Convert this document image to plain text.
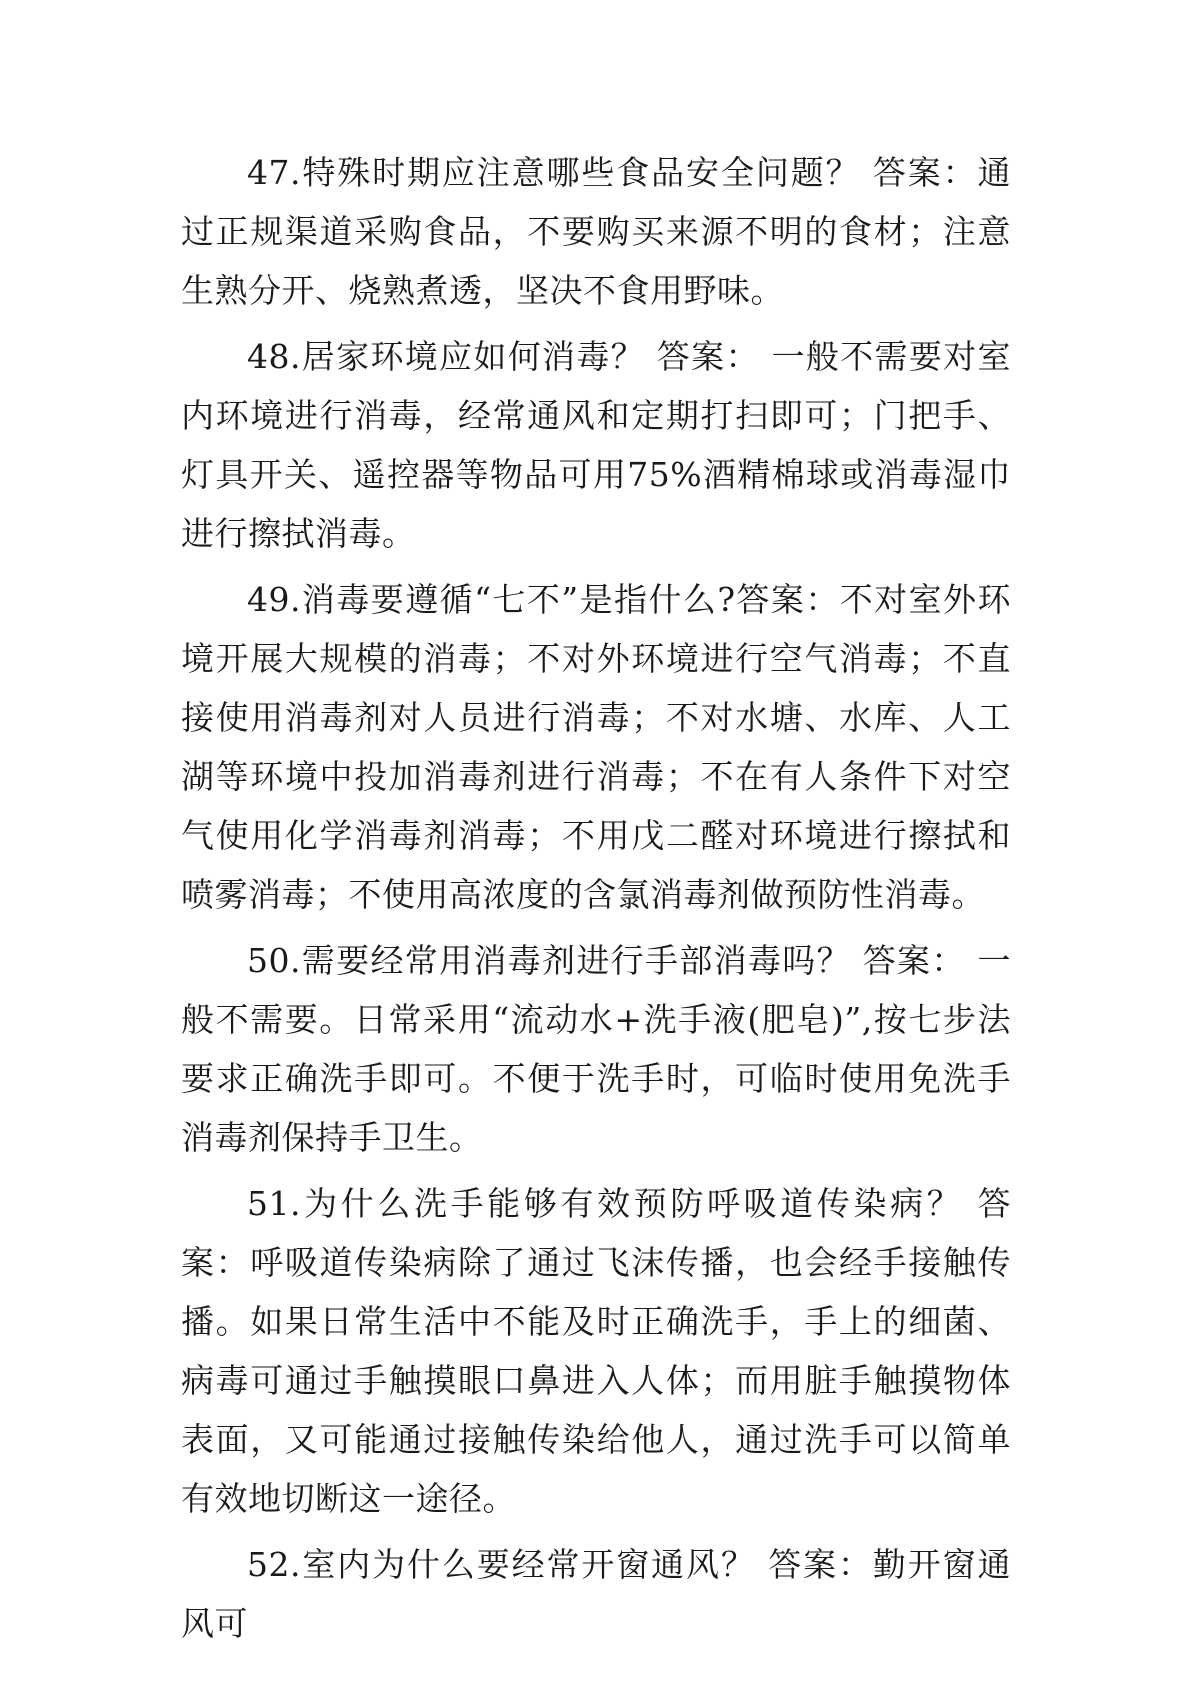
47.特殊时期应注意哪些食品安全问题？ 答案：通过正规渠道采购食品，不要购买来源不明的食材；注意生熟分开、烧熟煮透，坚决不食用野味。

48.居家环境应如何消毒？ 答案： 一般不需要对室内环境进行消毒，经常通风和定期打扫即可；门把手、灯具开关、遥控器等物品可用75%酒精棉球或消毒湿巾进行擦拭消毒。

49.消毒要遵循“七不”是指什么?答案：不对室外环境开展大规模的消毒；不对外环境进行空气消毒；不直接使用消毒剂对人员进行消毒；不对水塘、水库、人工湖等环境中投加消毒剂进行消毒；不在有人条件下对空气使用化学消毒剂消毒；不用戊二醛对环境进行擦拭和喷雾消毒；不使用高浓度的含氯消毒剂做预防性消毒。

50.需要经常用消毒剂进行手部消毒吗？ 答案： 一般不需要。日常采用“流动水+洗手液(肥皂)”,按七步法要求正确洗手即可。不便于洗手时，可临时使用免洗手消毒剂保持手卫生。

51.为什么洗手能够有效预防呼吸道传染病？ 答案：呼吸道传染病除了通过飞沫传播，也会经手接触传播。如果日常生活中不能及时正确洗手，手上的细菌、病毒可通过手触摸眼口鼻进入人体；而用脏手触摸物体表面，又可能通过接触传染给他人，通过洗手可以简单有效地切断这一途径。

52.室内为什么要经常开窗通风？ 答案：勤开窗通风可
